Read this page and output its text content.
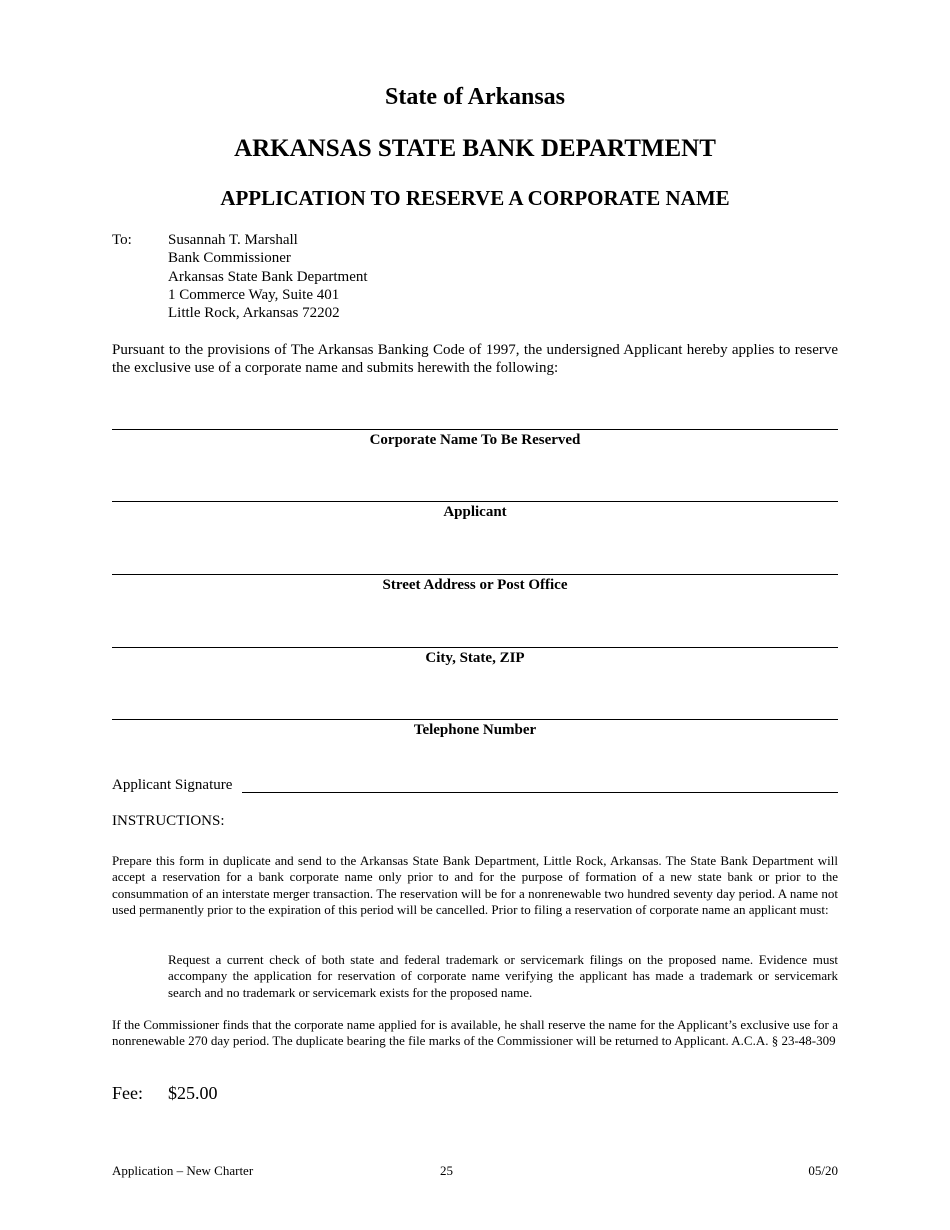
State of Arkansas
ARKANSAS STATE BANK DEPARTMENT
APPLICATION TO RESERVE A CORPORATE NAME
To:	Susannah T. Marshall
Bank Commissioner
Arkansas State Bank Department
1 Commerce Way, Suite 401
Little Rock, Arkansas 72202

Pursuant to the provisions of The Arkansas Banking Code of 1997, the undersigned Applicant hereby applies to reserve the exclusive use of a corporate name and submits herewith the following:

Corporate Name To Be Reserved
Applicant
Street Address or Post Office
City, State, ZIP
Telephone Number
Applicant Signature
INSTRUCTIONS:

Prepare this form in duplicate and send to the Arkansas State Bank Department, Little Rock, Arkansas. The State Bank Department will accept a reservation for a bank corporate name only prior to and for the purpose of formation of a new state bank or prior to the consummation of an interstate merger transaction. The reservation will be for a nonrenewable two hundred seventy day period. A name not used permanently prior to the expiration of this period will be cancelled. Prior to filing a reservation of corporate name an applicant must:

Request a current check of both state and federal trademark or servicemark filings on the proposed name. Evidence must accompany the application for reservation of corporate name verifying the applicant has made a trademark or servicemark search and no trademark or servicemark exists for the proposed name.

If the Commissioner finds that the corporate name applied for is available, he shall reserve the name for the Applicant’s exclusive use for a nonrenewable 270 day period. The duplicate bearing the file marks of the Commissioner will be returned to Applicant. A.C.A. § 23-48-309

Fee: $25.00
Application – New Charter	25	05/20
